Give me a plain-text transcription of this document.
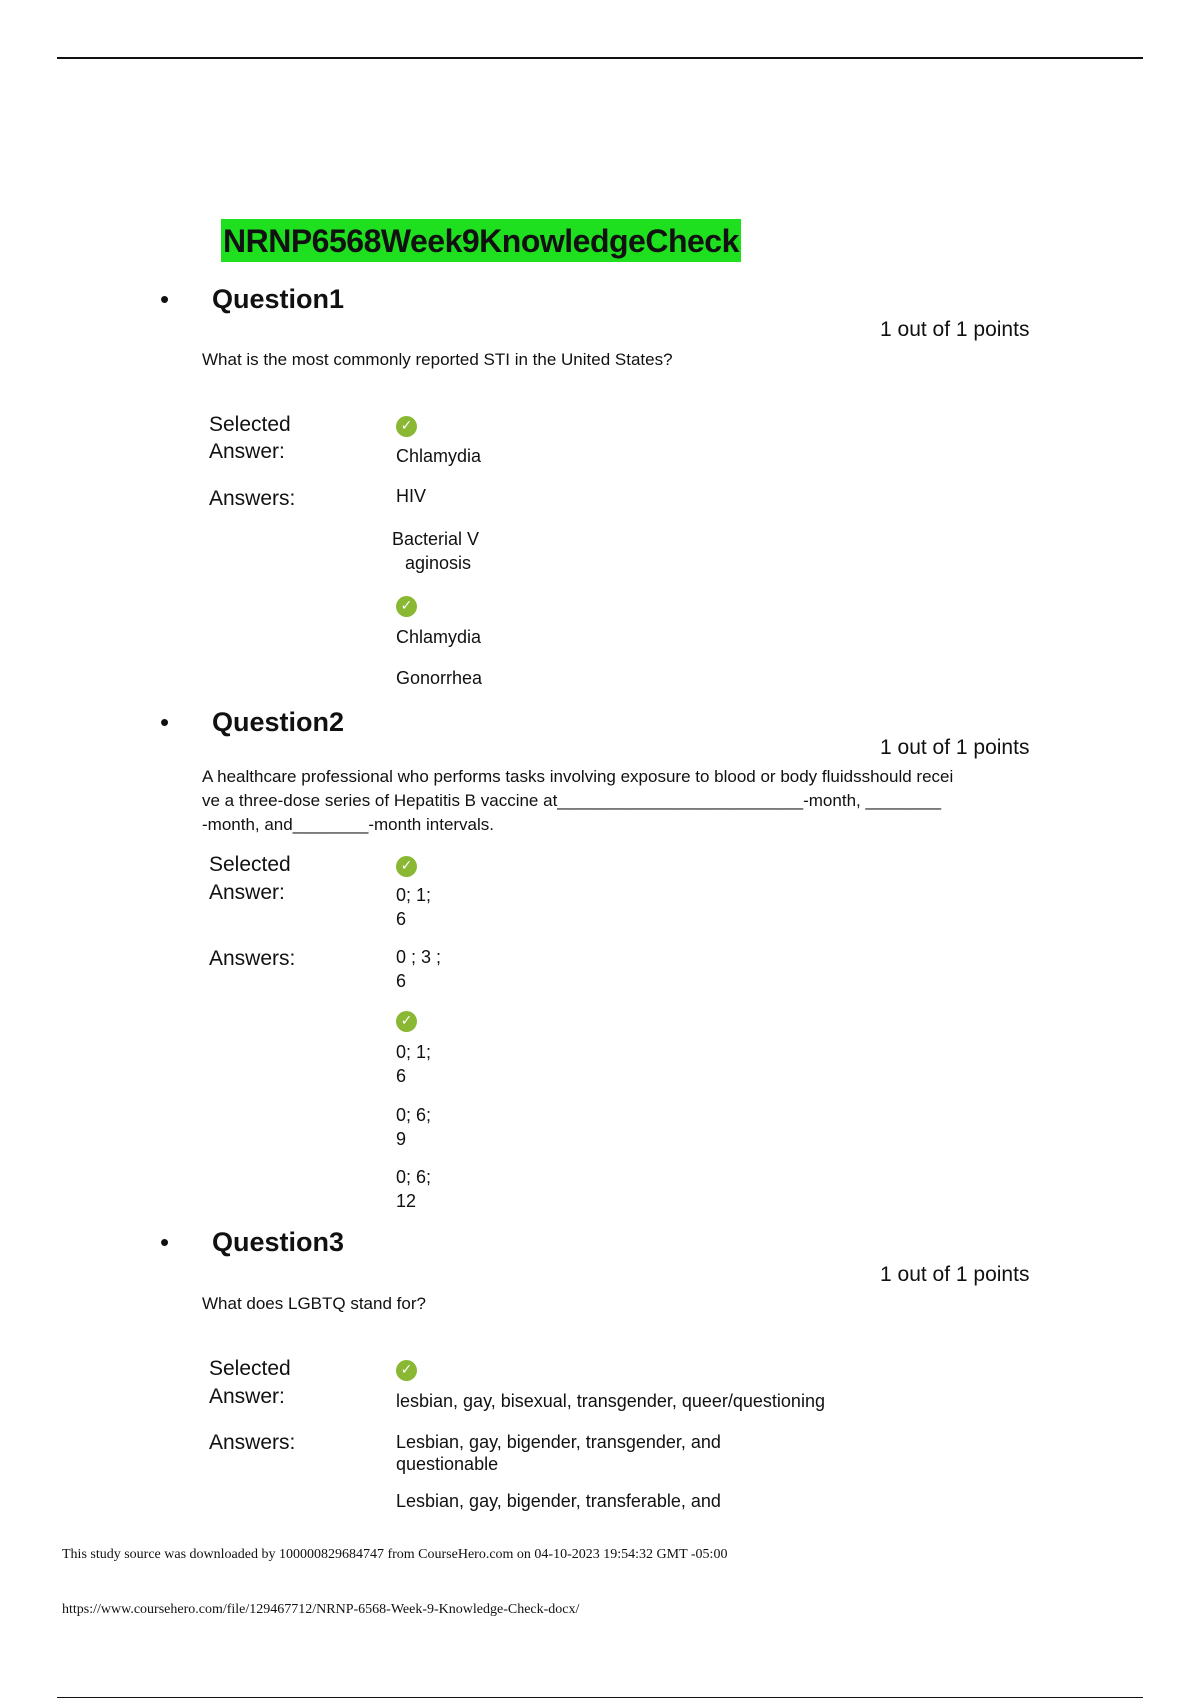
NRNP6568Week9KnowledgeCheck
• Question1
1 out of 1 points
What is the most commonly reported STI in the United States?
Selected
Answer:
✓
Chlamydia
Answers:	HIV
Bacterial V
aginosis
✓
Chlamydia
Gonorrhea
• Question2
1 out of 1 points
A healthcare professional who performs tasks involving exposure to blood or body fluidsshould recei
ve a three-dose series of Hepatitis B vaccine at__________________________-month, ________
-month, and________-month intervals.
Selected
Answer:
✓
0; 1;
6
Answers:	0 ; 3 ;
6
✓
0; 1;
6
0; 6;
9
0; 6;
12
• Question3
1 out of 1 points
What does LGBTQ stand for?
Selected
Answer:
✓
lesbian, gay, bisexual, transgender, queer/questioning
Answers:	Lesbian, gay, bigender, transgender, and
questionable
Lesbian, gay, bigender, transferable, and
This study source was downloaded by 100000829684747 from CourseHero.com on 04-10-2023 19:54:32 GMT -05:00
https://www.coursehero.com/file/129467712/NRNP-6568-Week-9-Knowledge-Check-docx/
